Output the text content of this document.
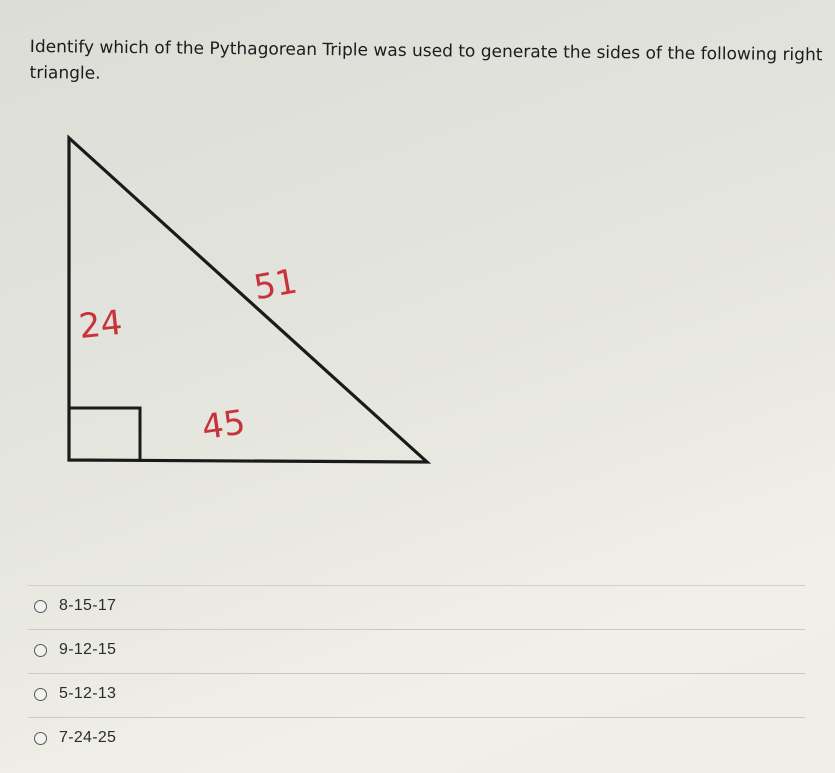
Identify which of the Pythagorean Triple was used to generate the sides of the following right triangle.

24
51
45
8-15-17
9-12-15
5-12-13
7-24-25
